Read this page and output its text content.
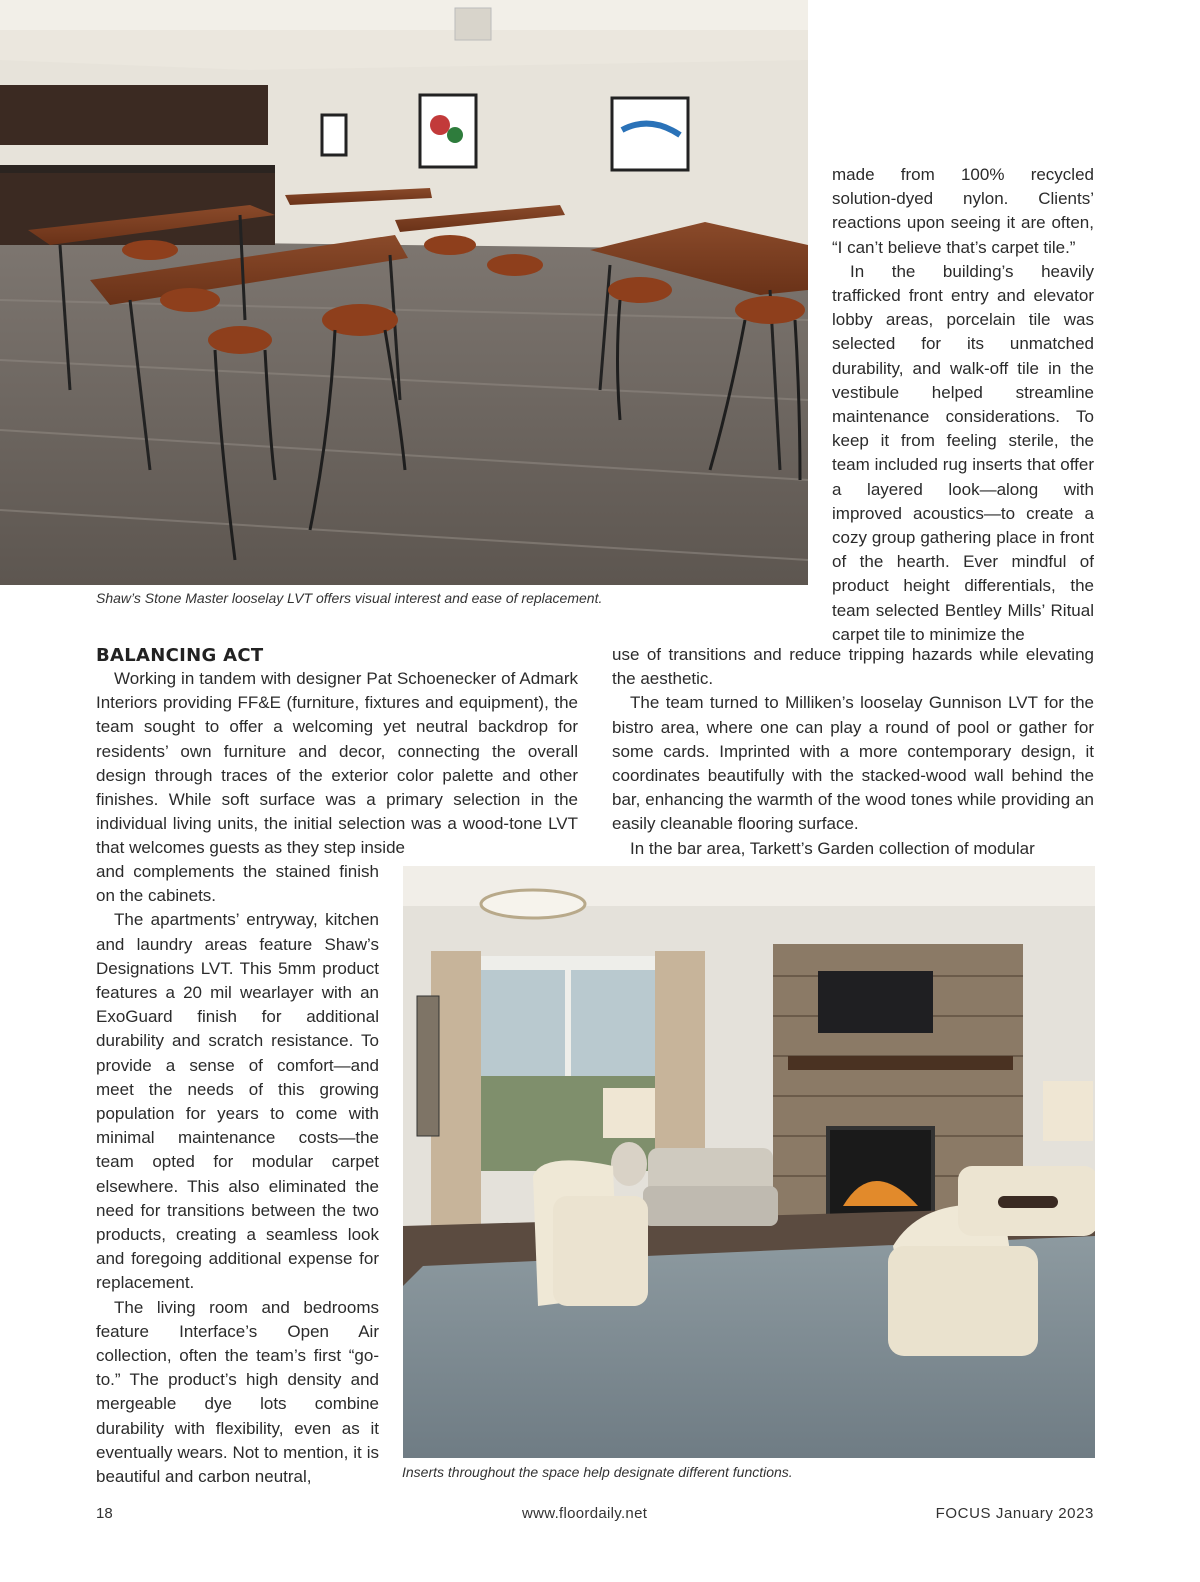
Shaw’s Stone Master looselay LVT offers visual interest and ease of replacement.

made from 100% recycled solution-dyed nylon. Clients’ reactions upon seeing it are often, “I can’t believe that’s carpet tile.”

In the building’s heavily trafficked front entry and elevator lobby areas, porcelain tile was selected for its unmatched durability, and walk-off tile in the vestibule helped streamline maintenance considerations. To keep it from feeling sterile, the team included rug inserts that offer a layered look—along with improved acoustics—to create a cozy group gathering place in front of the hearth. Ever mindful of product height differentials, the team selected Bentley Mills’ Ritual carpet tile to minimize the

BALANCING ACT

Working in tandem with designer Pat Schoenecker of Admark Interiors providing FF&E (furniture, fixtures and equipment), the team sought to offer a welcoming yet neutral backdrop for residents’ own furniture and decor, connecting the overall design through traces of the exterior color palette and other finishes. While soft surface was a primary selection in the individual living units, the initial selection was a wood-tone LVT that welcomes guests as they step inside

use of transitions and reduce tripping hazards while elevating the aesthetic.

The team turned to Milliken’s looselay Gunnison LVT for the bistro area, where one can play a round of pool or gather for some cards. Imprinted with a more contemporary design, it coordinates beautifully with the stacked-wood wall behind the bar, enhancing the warmth of the wood tones while providing an easily cleanable flooring surface.

In the bar area, Tarkett’s Garden collection of modular

and complements the stained finish on the cabinets.

The apartments’ entryway, kitchen and laundry areas feature Shaw’s Designations LVT. This 5mm product features a 20 mil wearlayer with an ExoGuard finish for additional durability and scratch resistance. To provide a sense of comfort—and meet the needs of this growing population for years to come with minimal maintenance costs—the team opted for modular carpet elsewhere. This also eliminated the need for transitions between the two products, creating a seamless look and foregoing additional expense for replacement.

The living room and bedrooms feature Interface’s Open Air collection, often the team’s first “go-to.” The product’s high density and mergeable dye lots combine durability with flexibility, even as it eventually wears. Not to mention, it is beautiful and carbon neutral,	Inserts throughout the space help designate different functions.
18	www.floordaily.net	FOCUS January 2023
